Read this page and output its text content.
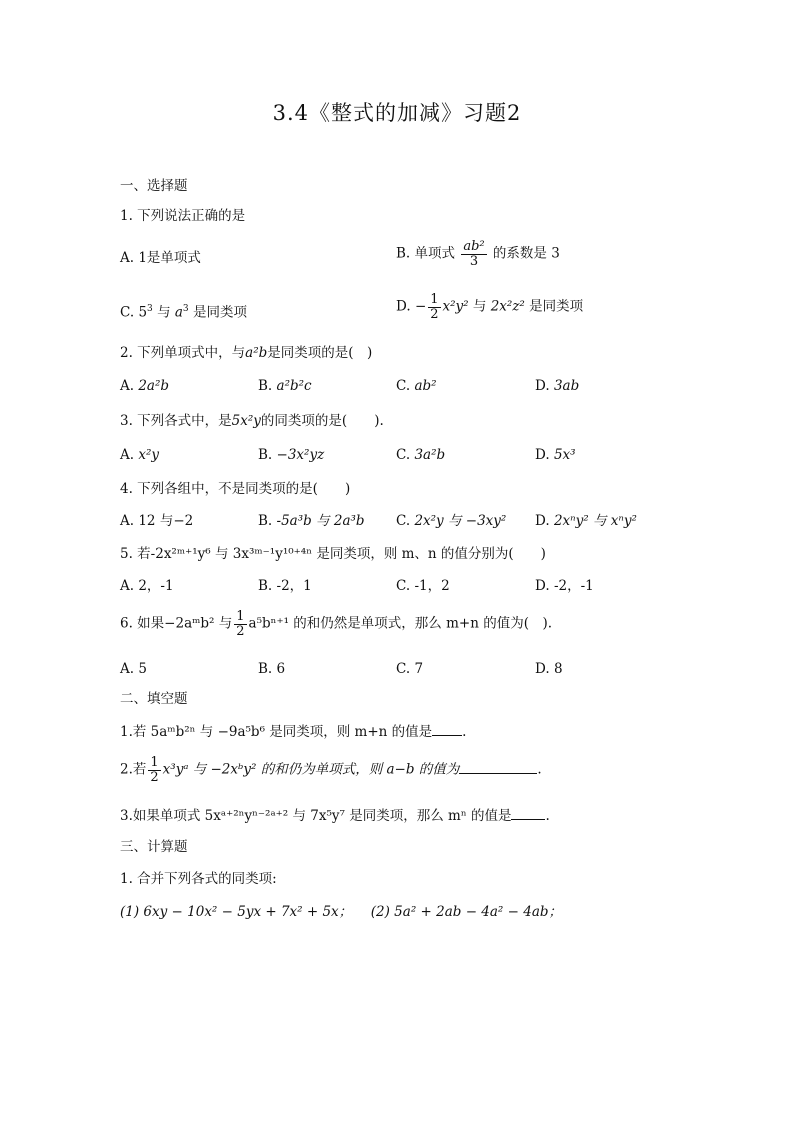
3.4《整式的加减》习题2
一、选择题
1. 下列说法正确的是
A. 1是单项式	B. 单项式 $\frac{\text{ab²}}{3}$ 的系数是 3
C. $5^3$ 与 $a^3$ 是同类项	D. − $\frac{1}{2} x^2y^2$ 与 2x²z² 是同类项
2. 下列单项式中，与a²b是同类项的是(　)
A. 2a²b	B. a²b²c	C. ab²	D. 3ab
3. 下列各式中，是5x²y的同类项的是(　　).
A. x²y	B. −3x²yz	C. 3a²b	D. 5x³
4. 下列各组中，不是同类项的是(　　)
A. 12 与−2	B. -5a³b 与 2a³b C. 2x²y 与 −3xy² D. 2xⁿy² 与 xⁿy²
5. 若-2x²ᵐ⁺¹y⁶ 与 3x³ᵐ⁻¹y¹⁰⁺⁴ⁿ 是同类项，则 m、n 的值分别为(　　)
A. 2，-1	B. -2，1	C. -1，2	D. -2，-1
6. 如果−2aᵐb² 与 $\frac{1}{2} a^5b^{n+1}$ 的和仍然是单项式，那么 m+n 的值为(　).
A. 5	B. 6	C. 7	D. 8
二、填空题
1.若 5aᵐb²ⁿ 与 −9a⁵b⁶ 是同类项，则 m+n 的值是 .
2.若 $\frac{1}{2}$ x³yᵃ 与 −2xᵇy² 的和仍为单项式，则 a−b 的值为	.
3.如果单项式 5xᵃ⁺²ⁿyⁿ⁻²ᵃ⁺² 与 7x⁵y⁷ 是同类项，那么 mⁿ 的值是	.
三、计算题
1. 合并下列各式的同类项:
(1) 6xy − 10x² − 5yx + 7x² + 5x； (2) 5a² + 2ab − 4a² − 4ab；
